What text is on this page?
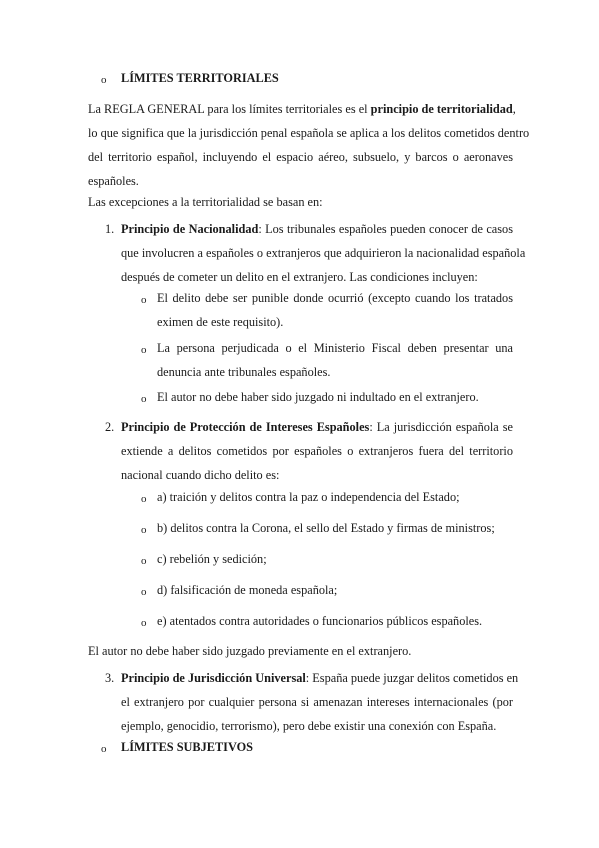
o LÍMITES TERRITORIALES
La REGLA GENERAL para los límites territoriales es el principio de territorialidad,
lo que significa que la jurisdicción penal española se aplica a los delitos cometidos dentro
del territorio español, incluyendo el espacio aéreo, subsuelo, y barcos o aeronaves
españoles.
Las excepciones a la territorialidad se basan en:
1. Principio de Nacionalidad: Los tribunales españoles pueden conocer de casos
que involucren a españoles o extranjeros que adquirieron la nacionalidad española
después de cometer un delito en el extranjero. Las condiciones incluyen:
o El delito debe ser punible donde ocurrió (excepto cuando los tratados
eximen de este requisito).
o La persona perjudicada o el Ministerio Fiscal deben presentar una
denuncia ante tribunales españoles.
o El autor no debe haber sido juzgado ni indultado en el extranjero.
2. Principio de Protección de Intereses Españoles: La jurisdicción española se
extiende a delitos cometidos por españoles o extranjeros fuera del territorio
nacional cuando dicho delito es:
o a) traición y delitos contra la paz o independencia del Estado;
o b) delitos contra la Corona, el sello del Estado y firmas de ministros;
o c) rebelión y sedición;
o d) falsificación de moneda española;
o e) atentados contra autoridades o funcionarios públicos españoles.
El autor no debe haber sido juzgado previamente en el extranjero.
3. Principio de Jurisdicción Universal: España puede juzgar delitos cometidos en
el extranjero por cualquier persona si amenazan intereses internacionales (por
ejemplo, genocidio, terrorismo), pero debe existir una conexión con España.
o LÍMITES SUBJETIVOS
